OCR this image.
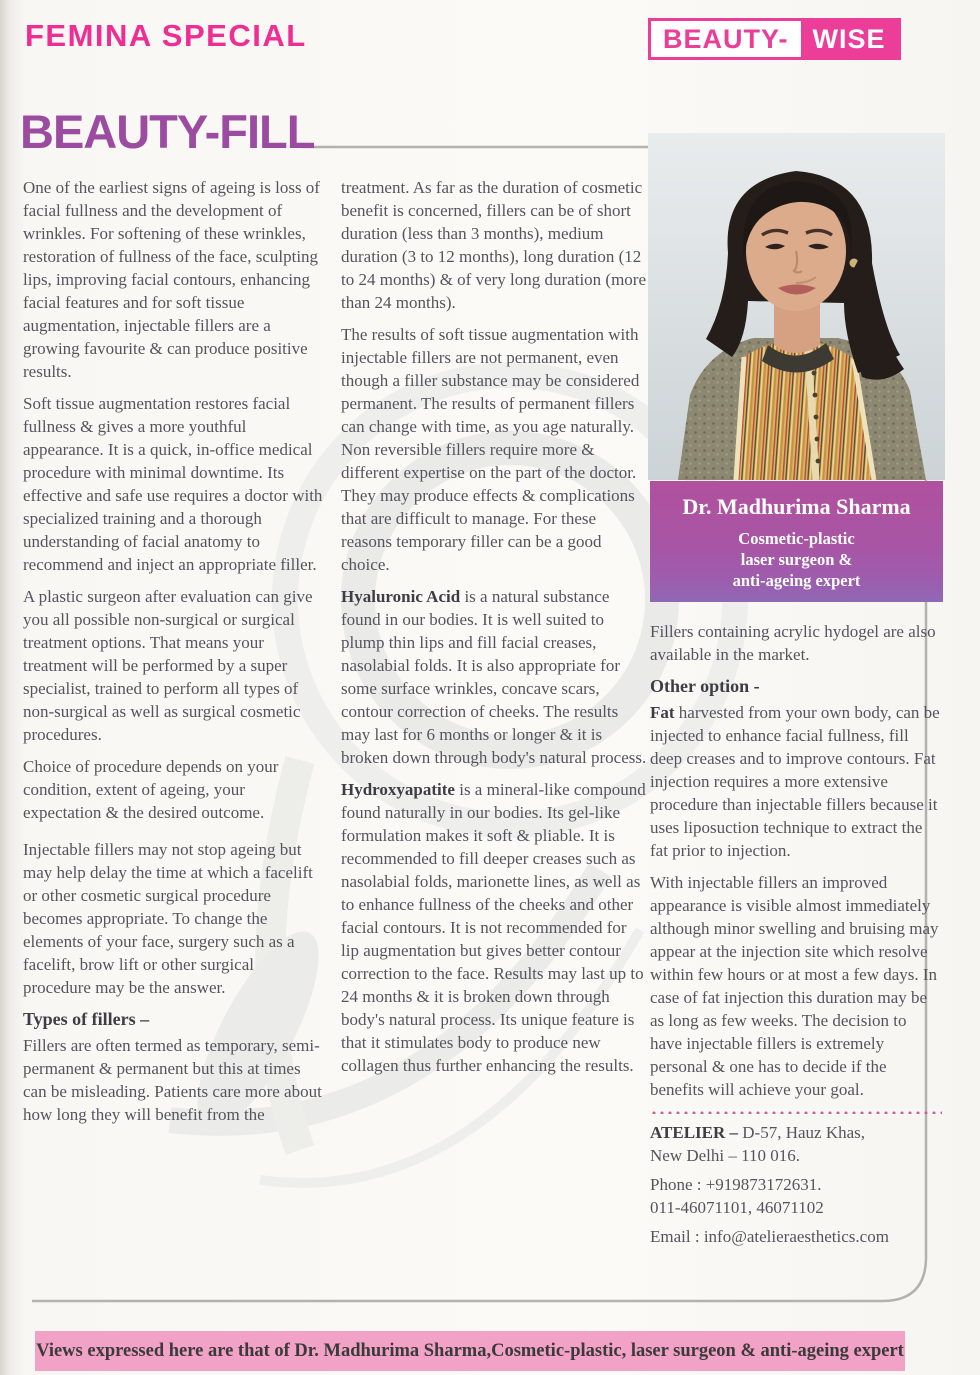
FEMINA SPECIAL	BEAUTY- WISE
BEAUTY-FILL

One of the earliest signs of ageing is loss of facial fullness and the development of wrinkles. For softening of these wrinkles, restoration of fullness of the face, sculpting lips, improving facial contours, enhancing facial features and for soft tissue augmentation, injectable fillers are a growing favourite & can produce positive results.

Soft tissue augmentation restores facial fullness & gives a more youthful appearance. It is a quick, in-office medical procedure with minimal downtime. Its effective and safe use requires a doctor with specialized training and a thorough understanding of facial anatomy to recommend and inject an appropriate filler.

A plastic surgeon after evaluation can give you all possible non-surgical or surgical treatment options. That means your treatment will be performed by a super specialist, trained to perform all types of non-surgical as well as surgical cosmetic procedures.

Choice of procedure depends on your condition, extent of ageing, your expectation & the desired outcome.

Injectable fillers may not stop ageing but may help delay the time at which a facelift or other cosmetic surgical procedure becomes appropriate. To change the elements of your face, surgery such as a facelift, brow lift or other surgical procedure may be the answer.

Types of fillers –

Fillers are often termed as temporary, semi-permanent & permanent but this at times can be misleading. Patients care more about how long they will benefit from the

treatment. As far as the duration of cosmetic benefit is concerned, fillers can be of short duration (less than 3 months), medium duration (3 to 12 months), long duration (12 to 24 months) & of very long duration (more than 24 months).

The results of soft tissue augmentation with injectable fillers are not permanent, even though a filler substance may be considered permanent. The results of permanent fillers can change with time, as you age naturally. Non reversible fillers require more & different expertise on the part of the doctor. They may produce effects & complications that are difficult to manage. For these reasons temporary filler can be a good choice.

Hyaluronic Acid is a natural substance found in our bodies. It is well suited to plump thin lips and fill facial creases, nasolabial folds. It is also appropriate for some surface wrinkles, concave scars, contour correction of cheeks. The results may last for 6 months or longer & it is broken down through body's natural process.

Hydroxyapatite is a mineral-like compound found naturally in our bodies. Its gel-like formulation makes it soft & pliable. It is recommended to fill deeper creases such as nasolabial folds, marionette lines, as well as to enhance fullness of the cheeks and other facial contours. It is not recommended for lip augmentation but gives better contour correction to the face. Results may last up to 24 months & it is broken down through body's natural process. Its unique feature is that it stimulates body to produce new collagen thus further enhancing the results.

Dr. Madhurima Sharma
Cosmetic-plastic
laser surgeon &
anti-ageing expert

Fillers containing acrylic hydogel are also available in the market.

Other option -

Fat harvested from your own body, can be injected to enhance facial fullness, fill deep creases and to improve contours. Fat injection requires a more extensive procedure than injectable fillers because it uses liposuction technique to extract the fat prior to injection.

With injectable fillers an improved appearance is visible almost immediately although minor swelling and bruising may appear at the injection site which resolve within few hours or at most a few days. In case of fat injection this duration may be as long as few weeks. The decision to have injectable fillers is extremely personal & one has to decide if the benefits will achieve your goal.

ATELIER – D-57, Hauz Khas,
New Delhi – 110 016.
Phone : +919873172631.
011-46071101, 46071102
Email : info@atelieraesthetics.com
Views expressed here are that of Dr. Madhurima Sharma,Cosmetic-plastic, laser surgeon & anti-ageing expert
